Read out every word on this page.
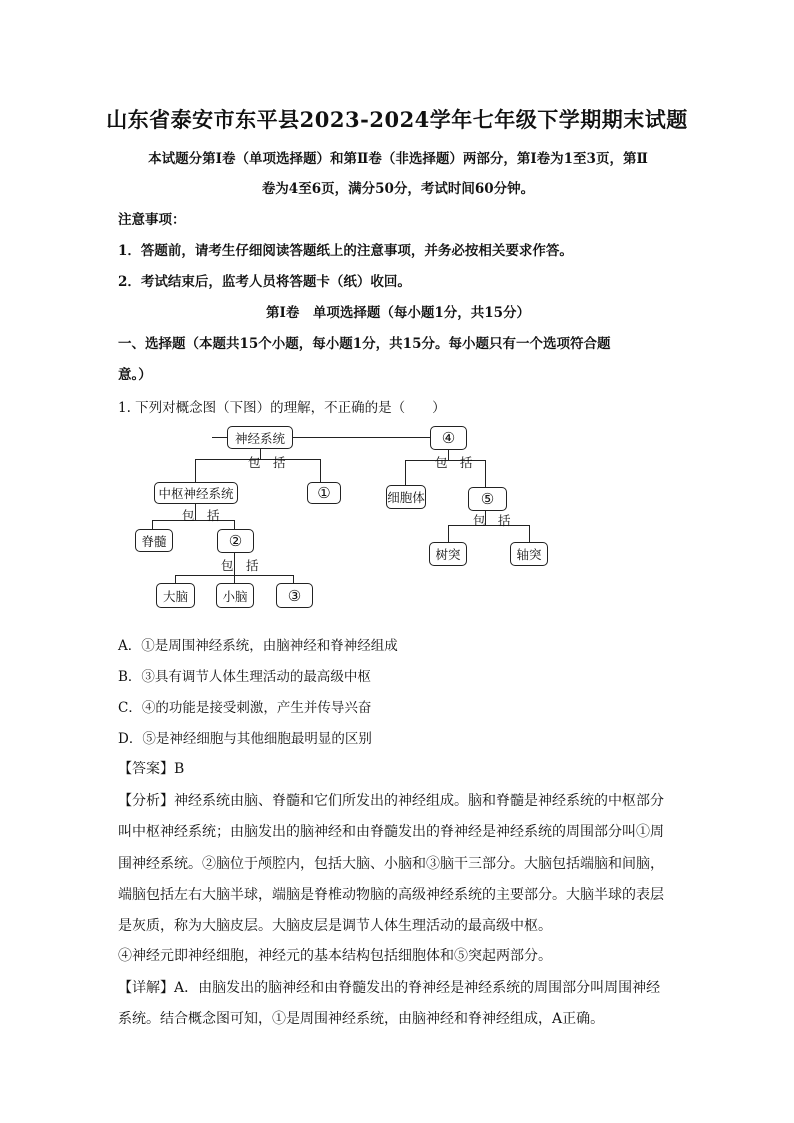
山东省泰安市东平县2023-2024学年七年级下学期期末试题
本试题分第Ⅰ卷（单项选择题）和第Ⅱ卷（非选择题）两部分，第Ⅰ卷为1至3页，第Ⅱ
卷为4至6页，满分50分，考试时间60分钟。
注意事项：
1．答题前，请考生仔细阅读答题纸上的注意事项，并务必按相关要求作答。
2．考试结束后，监考人员将答题卡（纸）收回。
第Ⅰ卷　单项选择题（每小题1分，共15分）
一、选择题（本题共15个小题，每小题1分，共15分。每小题只有一个选项符合题
意。）
1. 下列对概念图（下图）的理解，不正确的是（　　）
包　括
包　括
包　括
包　括
包　括
神经系统
中枢神经系统	①
脊髓	②
大脑	小脑	③
④
细胞体	⑤
树突	轴突
A．①是周围神经系统，由脑神经和脊神经组成
B．③具有调节人体生理活动的最高级中枢
C．④的功能是接受刺激，产生并传导兴奋
D．⑤是神经细胞与其他细胞最明显的区别
【答案】B
【分析】神经系统由脑、脊髓和它们所发出的神经组成。脑和脊髓是神经系统的中枢部分
叫中枢神经系统；由脑发出的脑神经和由脊髓发出的脊神经是神经系统的周围部分叫①周
围神经系统。②脑位于颅腔内，包括大脑、小脑和③脑干三部分。大脑包括端脑和间脑，
端脑包括左右大脑半球，端脑是脊椎动物脑的高级神经系统的主要部分。大脑半球的表层
是灰质，称为大脑皮层。大脑皮层是调节人体生理活动的最高级中枢。
④神经元即神经细胞，神经元的基本结构包括细胞体和⑤突起两部分。
【详解】A．由脑发出的脑神经和由脊髓发出的脊神经是神经系统的周围部分叫周围神经
系统。结合概念图可知，①是周围神经系统，由脑神经和脊神经组成，A正确。
